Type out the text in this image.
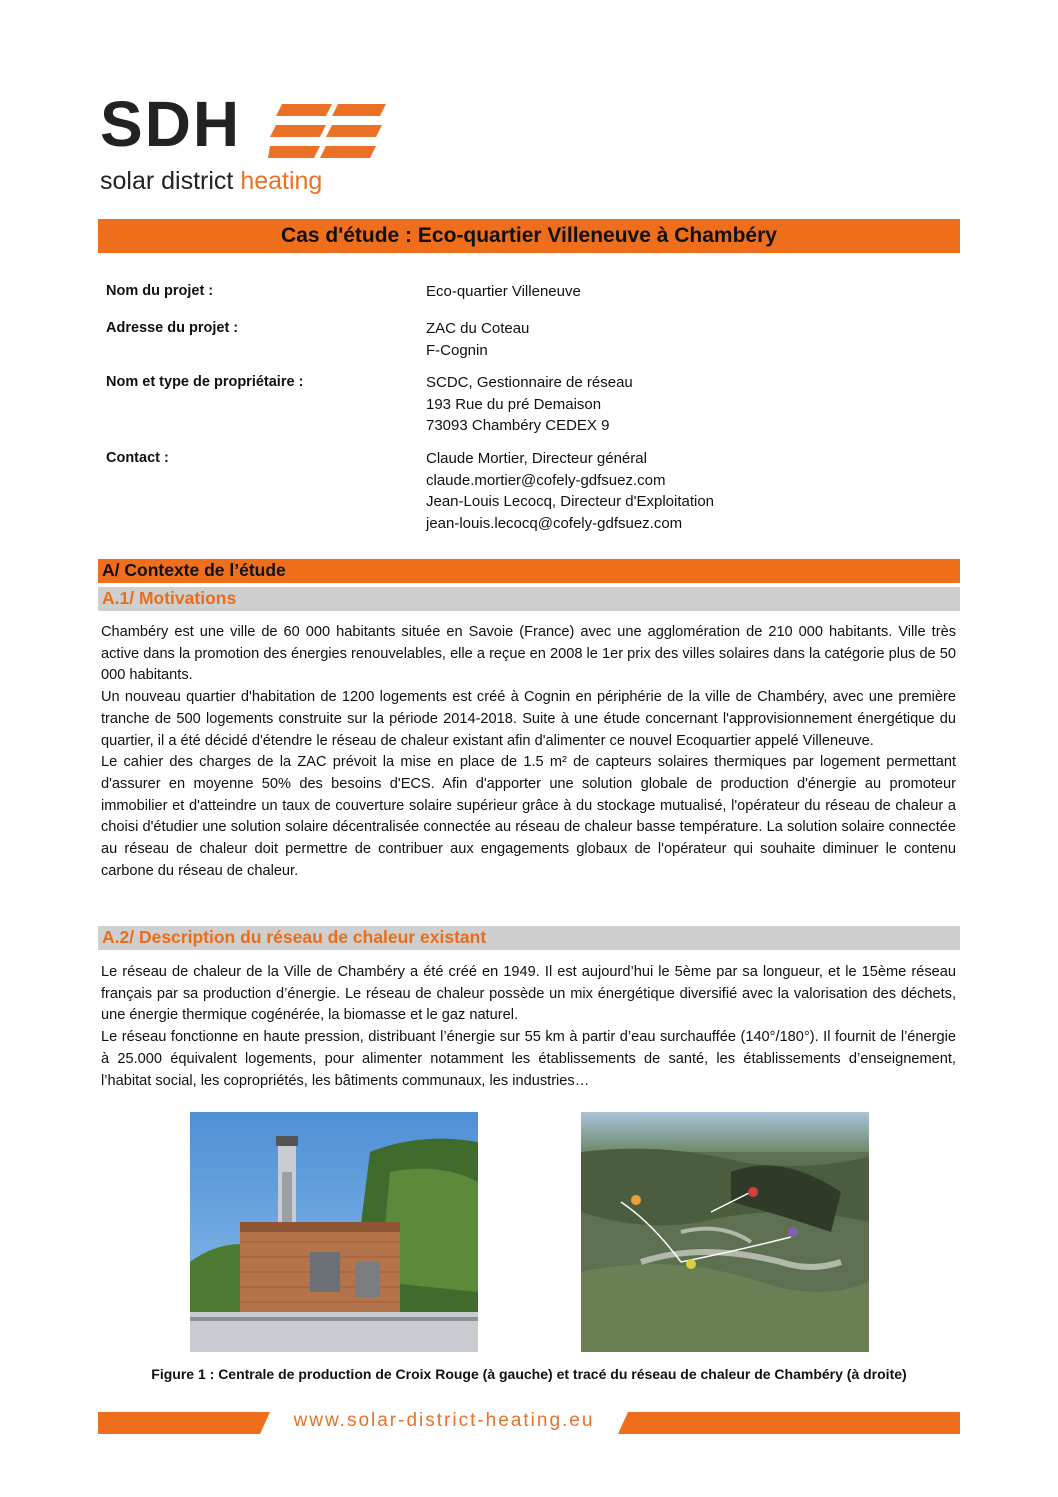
SDH
solar district heating
Cas d'étude : Eco-quartier Villeneuve à Chambéry
Nom du projet :	Eco-quartier Villeneuve
Adresse du projet :	ZAC du Coteau
F-Cognin
Nom et type de propriétaire :	SCDC, Gestionnaire de réseau
193 Rue du pré Demaison
73093 Chambéry CEDEX 9
Contact :	Claude Mortier, Directeur général
claude.mortier@cofely-gdfsuez.com
Jean-Louis Lecocq, Directeur d'Exploitation
jean-louis.lecocq@cofely-gdfsuez.com
A/ Contexte de l’étude
A.1/ Motivations

Chambéry est une ville de 60 000 habitants située en Savoie (France) avec une agglomération de 210 000 habitants. Ville très active dans la promotion des énergies renouvelables, elle a reçue en 2008 le 1er prix des villes solaires dans la catégorie plus de 50 000 habitants.

Un nouveau quartier d'habitation de 1200 logements est créé à Cognin en périphérie de la ville de Chambéry, avec une première tranche de 500 logements construite sur la période 2014-2018. Suite à une étude concernant l'approvisionnement énergétique du quartier, il a été décidé d'étendre le réseau de chaleur existant afin d'alimenter ce nouvel Ecoquartier appelé Villeneuve.

Le cahier des charges de la ZAC prévoit la mise en place de 1.5 m² de capteurs solaires thermiques par logement permettant d'assurer en moyenne 50% des besoins d'ECS. Afin d'apporter une solution globale de production d'énergie au promoteur immobilier et d'atteindre un taux de couverture solaire supérieur grâce à du stockage mutualisé, l'opérateur du réseau de chaleur a choisi d'étudier une solution solaire décentralisée connectée au réseau de chaleur basse température. La solution solaire connectée au réseau de chaleur doit permettre de contribuer aux engagements globaux de l'opérateur qui souhaite diminuer le contenu carbone du réseau de chaleur.

A.2/ Description du réseau de chaleur existant

Le réseau de chaleur de la Ville de Chambéry a été créé en 1949. Il est aujourd’hui le 5ème par sa longueur, et le 15ème réseau français par sa production d’énergie. Le réseau de chaleur possède un mix énergétique diversifié avec la valorisation des déchets, une énergie thermique cogénérée, la biomasse et le gaz naturel.

Le réseau fonctionne en haute pression, distribuant l’énergie sur 55 km à partir d’eau surchauffée (140°/180°). Il fournit de l’énergie à 25.000 équivalent logements, pour alimenter notamment les établissements de santé, les établissements d’enseignement, l’habitat social, les copropriétés, les bâtiments communaux, les industries…

Figure 1 : Centrale de production de Croix Rouge (à gauche) et tracé du réseau de chaleur de Chambéry (à droite)
www.solar-district-heating.eu
